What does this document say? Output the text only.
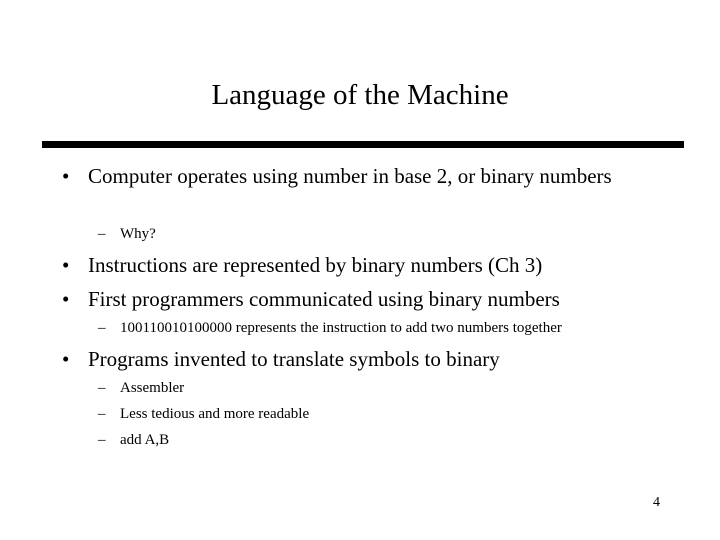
Language of the Machine
• Computer operates using number in base 2, or binary numbers
– Why?
• Instructions are represented by binary numbers (Ch 3)
• First programmers communicated using binary numbers
– 100110010100000 represents the instruction to add two numbers together
• Programs invented to translate symbols to binary
– Assembler
– Less tedious and more readable
– add A,B
4
